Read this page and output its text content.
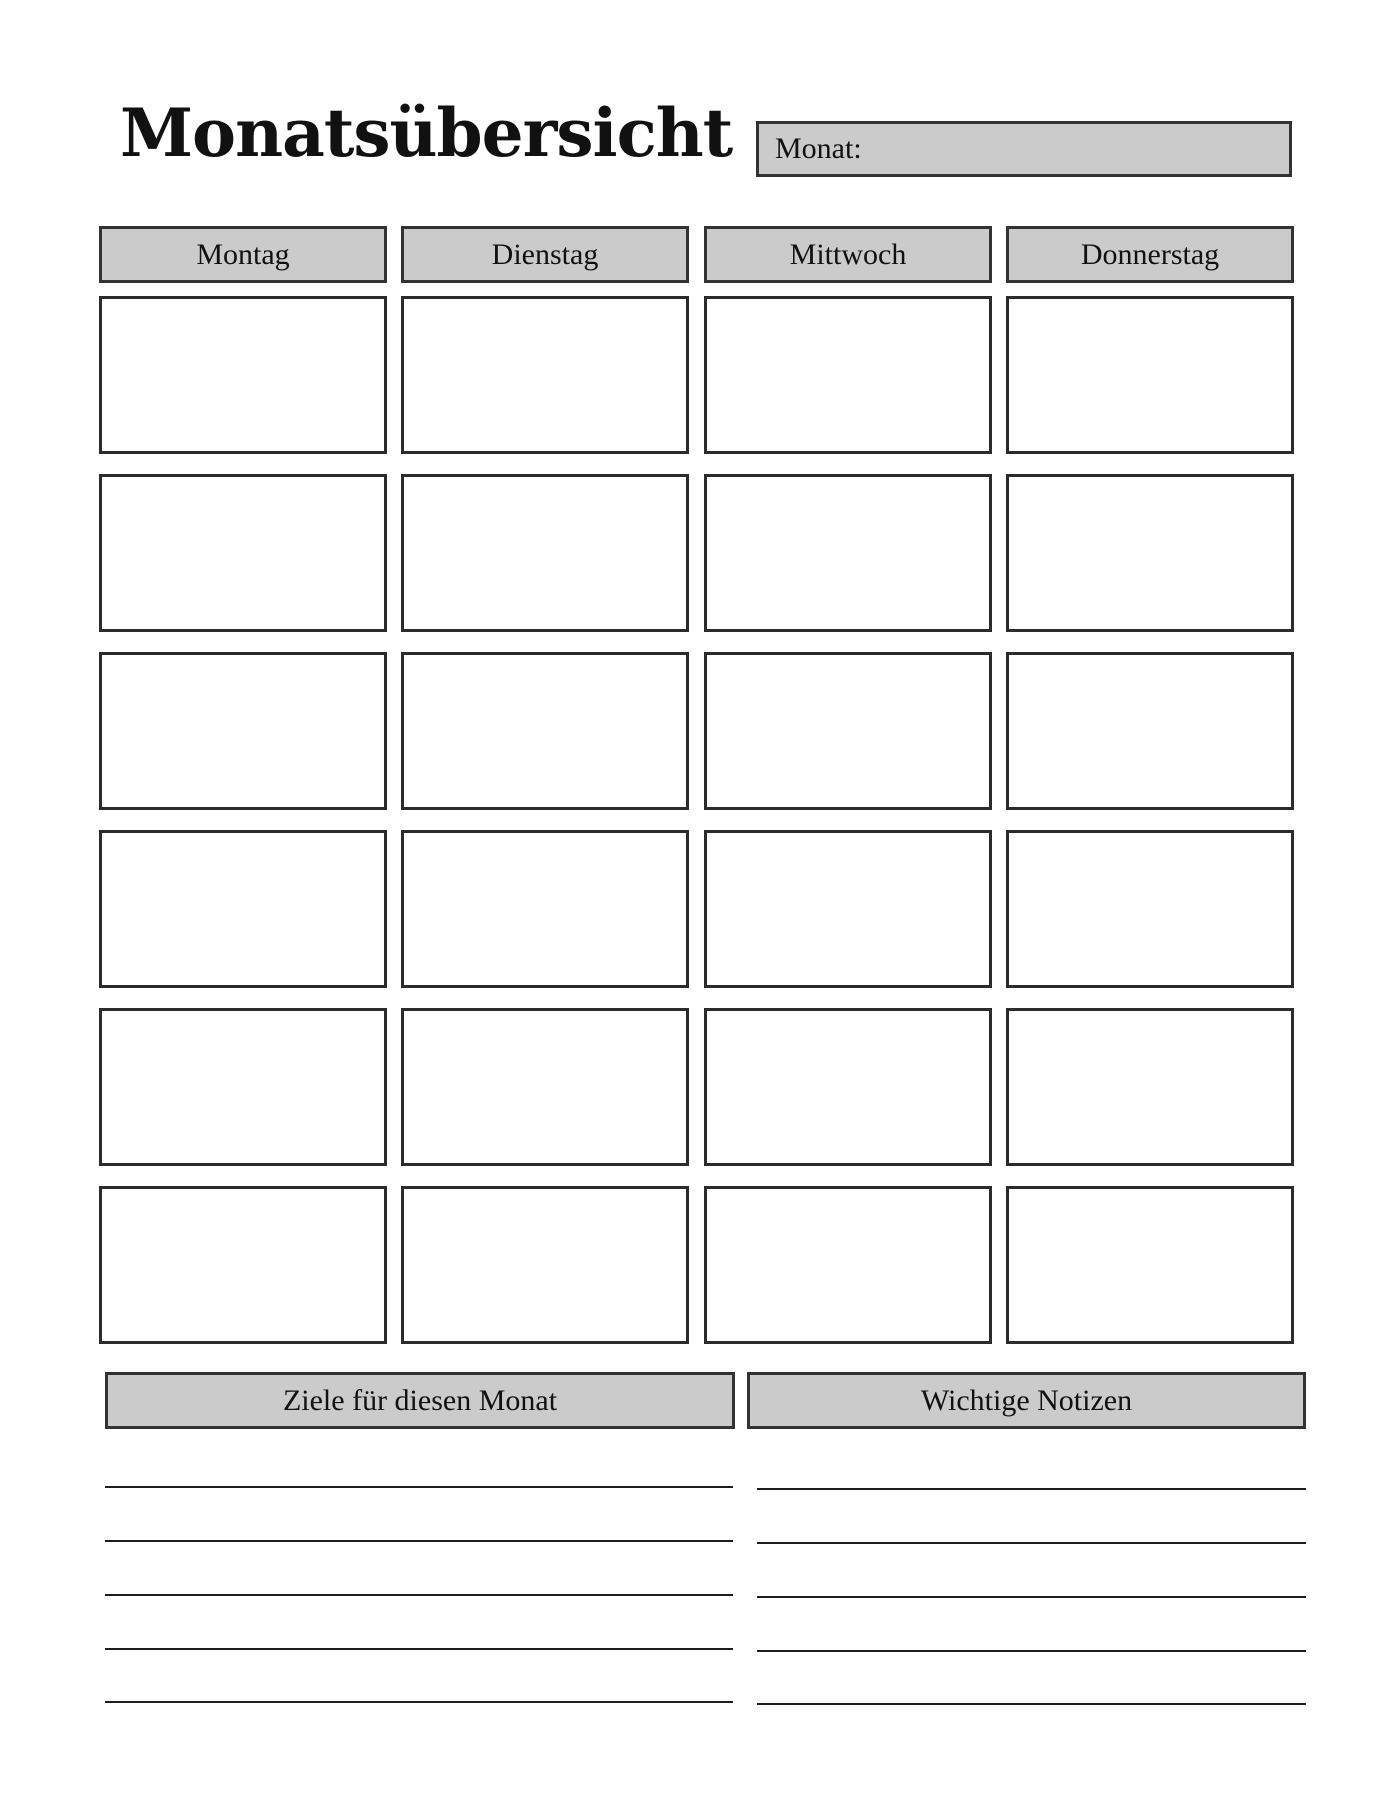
Monatsübersicht Monat:
Montag	Dienstag	Mittwoch	Donnerstag
Ziele für diesen Monat	Wichtige Notizen
